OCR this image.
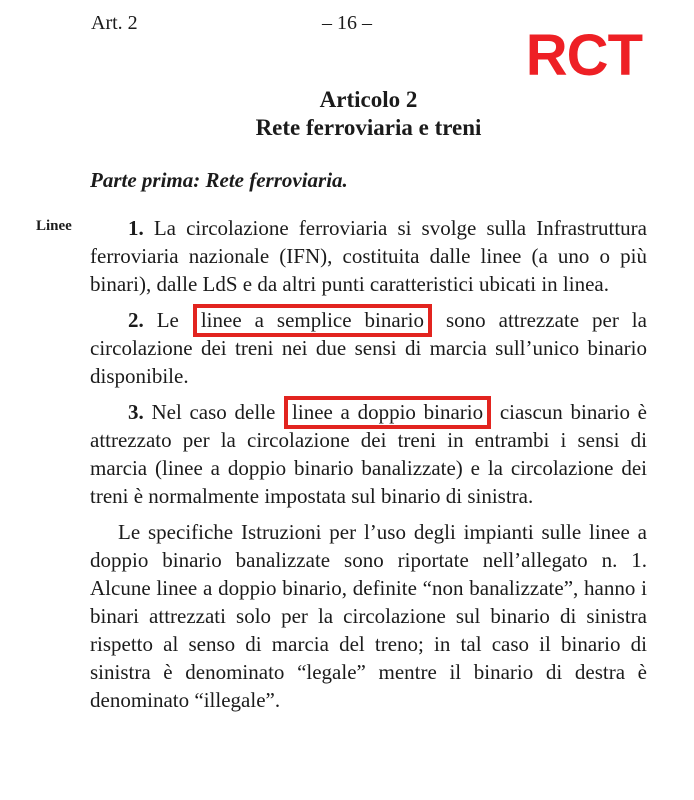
Art. 2	– 16 –	RCT
Articolo 2
Rete ferroviaria e treni
Parte prima: Rete ferroviaria.
Linee	1. La circolazione ferroviaria si svolge sulla Infrastruttura ferroviaria nazionale (IFN), costituita dalle linee (a uno o più binari), dalle LdS e da altri punti caratteristici ubicati in linea.
2. Le linee a semplice binario sono attrezzate per la circolazione dei treni nei due sensi di marcia sull’unico binario disponibile.
3. Nel caso delle linee a doppio binario ciascun binario è attrezzato per la circolazione dei treni in entrambi i sensi di marcia (linee a doppio binario banalizzate) e la circolazione dei treni è normalmente impostata sul binario di sinistra.
Le specifiche Istruzioni per l’uso degli impianti sulle linee a doppio binario banalizzate sono riportate nell’allegato n. 1. Alcune linee a doppio binario, definite “non banalizzate”, hanno i binari attrezzati solo per la circolazione sul binario di sinistra rispetto al senso di marcia del treno; in tal caso il binario di sinistra è denominato “legale” mentre il binario di destra è denominato “illegale”.
